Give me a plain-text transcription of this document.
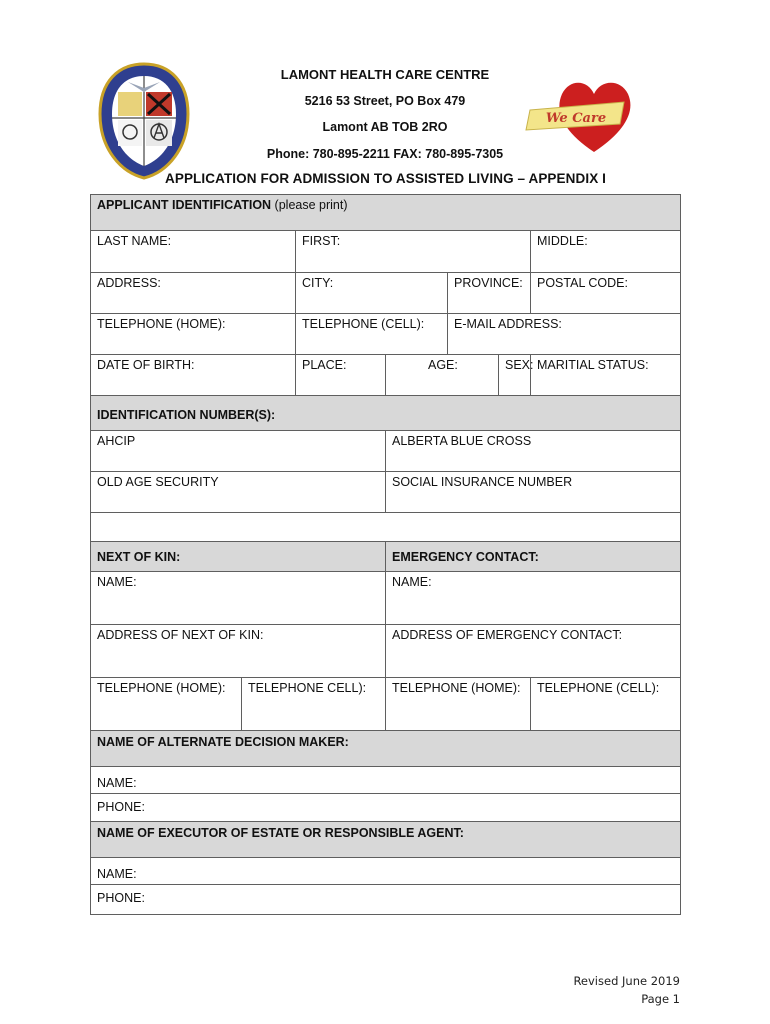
We Care
LAMONT HEALTH CARE CENTRE
5216 53 Street, PO Box 479
Lamont AB TOB 2RO
Phone: 780-895-2211 FAX: 780-895-7305
APPLICATION FOR ADMISSION TO ASSISTED LIVING – APPENDIX I
APPLICANT IDENTIFICATION (please print)						
LAST NAME:		FIRST:				MIDDLE:
ADDRESS:		CITY:		PROVINCE:		POSTAL CODE:
TELEPHONE (HOME):		TELEPHONE (CELL):		E-MAIL ADDRESS:		
DATE OF BIRTH:		PLACE:	AGE:		SEX:	MARITIAL STATUS:
IDENTIFICATION NUMBER(S):						
AHCIP			ALBERTA BLUE CROSS			
OLD AGE SECURITY			SOCIAL INSURANCE NUMBER			

NEXT OF KIN:			EMERGENCY CONTACT:			
NAME:			NAME:			
ADDRESS OF NEXT OF KIN:			ADDRESS OF EMERGENCY CONTACT:			
TELEPHONE (HOME):	TELEPHONE CELL):		TELEPHONE (HOME):			TELEPHONE (CELL):
NAME OF ALTERNATE DECISION MAKER:						
NAME:						
PHONE:						
NAME OF EXECUTOR OF ESTATE OR RESPONSIBLE AGENT:						
NAME:						
PHONE:						
Revised June 2019
Page 1
